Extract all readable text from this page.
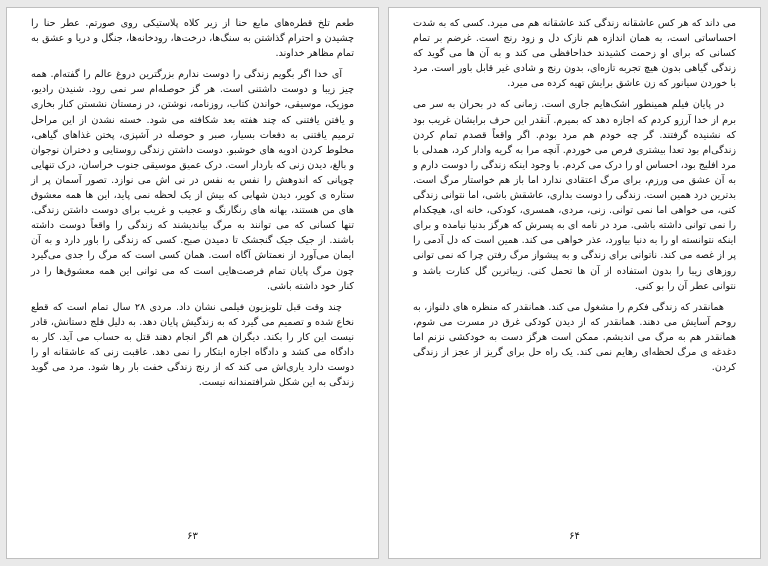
طعم تلخ قطره‌های مایع حنا از زیر کلاه پلاستیکی روی صورتم. عطر حنا را چشیدن و احترام گذاشتن به سنگ‌ها، درخت‌ها، رودخانه‌ها، جنگل و دریا و عشق به تمام مظاهر خداوند.

آی خدا اگر بگویم زندگی را دوست ندارم بزرگترین دروغ عالم را گفته‌ام. همه چیز زیبا و دوست داشتنی است. هر گز حوصله‌ام سر نمی رود. شنیدن رادیو، موزیک، موسیقی، خواندن کتاب، روزنامه، نوشتن، در زمستان نشستن کنار بخاری و یافتن یافتنی که چند هفته بعد شکافته می شود. خسته نشدن از این مراحل ترمیم یافتنی به دفعات بسیار، صبر و حوصله در آشپزی، پختن غذاهای گیاهی، مخلوط کردن ادویه های خوشبو. دوست داشتن زندگی روستایی و دختران نوجوان و بالغ، دیدن زنی که باردار است. درک عمیق موسیقی جنوب خراسان، درک تنهایی چوپانی که اندوهش را نفس به نفس در نی اش می نوازد. تصور آسمان پر از ستاره ی کویر، دیدن شهابی که بیش از یک لحظه نمی پاید، این ها همه معشوق های من هستند، بهانه های رنگارنگ و عجیب و غریب برای دوست داشتن زندگی. تنها کسانی که می توانند به مرگ بیاندیشند که زندگی را واقعاً دوست داشته باشند. از جیک جیک گنجشک تا دمیدن صبح. کسی که زندگی را باور دارد و به آن ایمان می‌آورد از نعمتاش آگاه است. همان کسی است که مرگ را جدی می‌گیرد چون مرگ پایان تمام فرصت‌هایی است که می توانی این همه معشوق‌ها را در کنار خود داشته باشی.

چند وقت قبل تلویزیون فیلمی نشان داد. مردی ۲۸ سال تمام است که قطع نخاع شده و تصمیم می گیرد که به زندگیش پایان دهد. به دلیل فلج دستانش، قادر نیست این کار را بکند. دیگران هم اگر انجام دهند قتل به حساب می آید. کار به دادگاه می کشد و دادگاه اجازه ابتکار را نمی دهد. عاقبت زنی که عاشقانه او را دوست دارد یاری‌اش می کند که از رنج زندگی خفت بار رها شود. مرد می گوید زندگی به این شکل شرافتمندانه نیست.

۶۳

می داند که هر کس عاشقانه زندگی کند عاشقانه هم می میرد. کسی که به شدت احساساتی است، به همان اندازه هم نازک دل و زود رنج است. غرضم بر تمام کسانی که برای او زحمت کشیدند خداحافظی می کند و به آن ها می گوید که زندگی گیاهی بدون هیچ تجربه تازه‌ای، بدون رنج و شادی غیر قابل باور است. مرد با خوردن سیانور که زن عاشق برایش تهیه کرده می میرد.

در پایان فیلم همینطور اشک‌هایم جاری است. زمانی که در بحران به سر می برم از خدا آرزو کردم که اجازه دهد که بمیرم. آنقدر این حرف برایشان غریب بود که نشنیده گرفتند. گر چه خودم هم مرد بودم. اگر واقعاً قصدم تمام کردن زندگی‌ام بود تعدا بیشتری فرص می خوردم. آنچه مرا به گریه وادار کرد، همدلی با مرد افلیج بود، احساس او را درک می کردم. با وجود اینکه زندگی را دوست دارم و به آن عشق می ورزم، برای مرگ اعتقادی ندارد اما باز هم خواستار مرگ است. بدترین درد همین است. زندگی را دوست بداری، عاشقش باشی، اما نتوانی زندگی کنی، می خواهی اما نمی توانی. زنی، مردی، همسری، کودکی، خانه ای، هیچکدام را نمی توانی داشته باشی. مرد در نامه ای به پسرش که هرگز بدنیا نیامده و برای اینکه نتوانسته او را به دنیا بیاورد، عذر خواهی می کند. همین است که دل آدمی را پر از غصه می کند. ناتوانی برای زندگی و به پیشواز مرگ رفتن چرا که نمی توانی روزهای زیبا را بدون استفاده از آن ها تحمل کنی. زیباترین گل کنارت باشد و نتوانی عطر آن را بو کنی.

همانقدر که زندگی فکرم را مشغول می کند. همانقدر که منظره های دلنواز، به روحم آسایش می دهند. همانقدر که از دیدن کودکی غرق در مسرت می شوم، همانقدر هم به مرگ می اندیشم. ممکن است هرگز دست به خودکشی نزنم اما دغدغه ی مرگ لحظه‌ای رهایم نمی کند. یک راه حل برای گریز از عجز از زندگی کردن.

۶۴
